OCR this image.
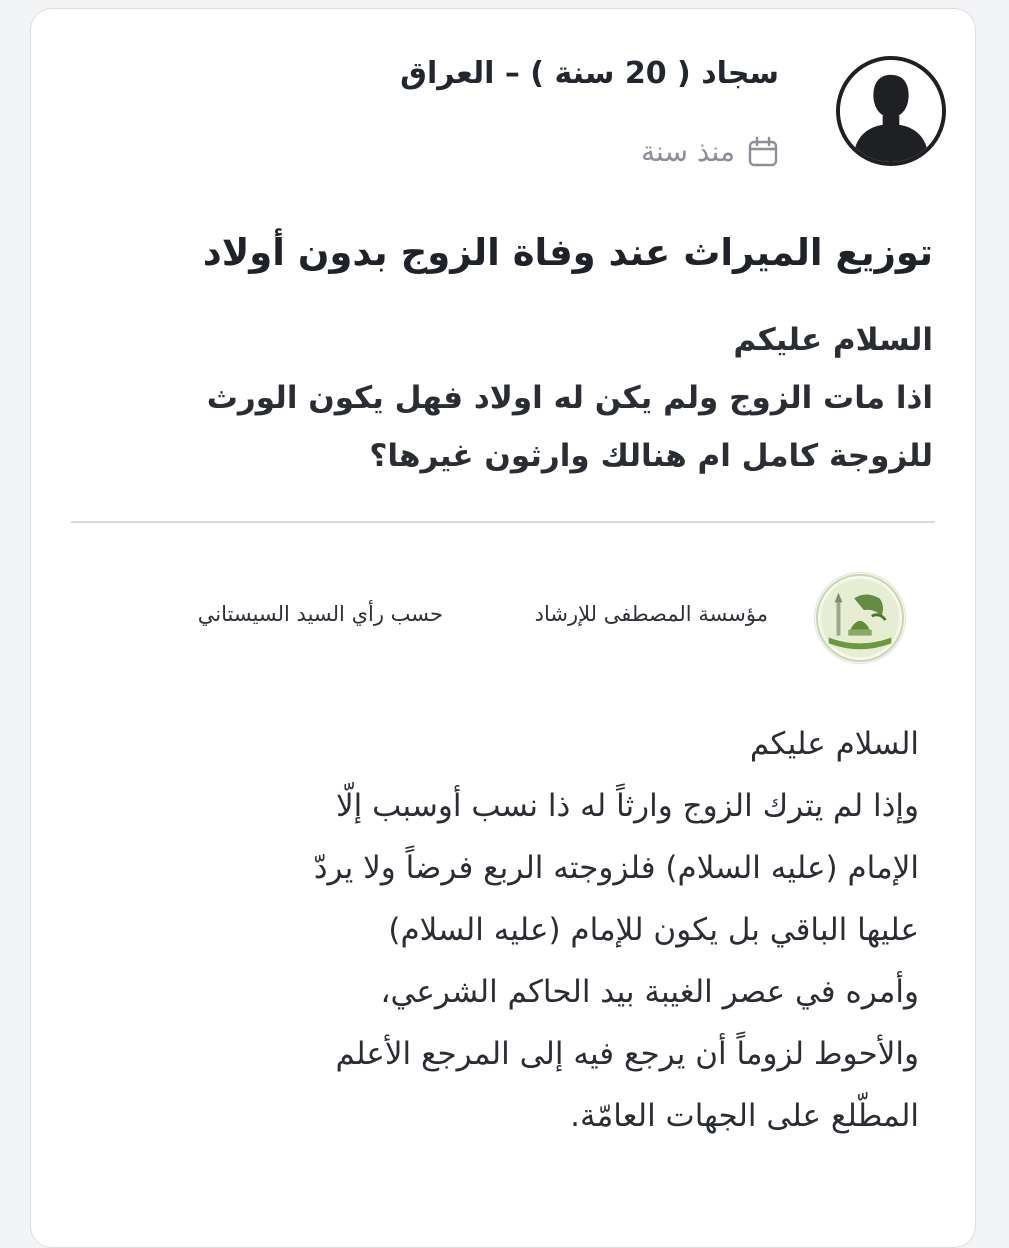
سجاد ( 20 سنة ) – العراق
منذ سنة
توزيع الميراث عند وفاة الزوج بدون أولاد
السلام عليكم
اذا مات الزوج ولم يكن له اولاد فهل يكون الورث
للزوجة كامل ام هنالك وارثون غيرها؟
مؤسسة المصطفى للإرشاد
حسب رأي السيد السيستاني
السلام عليكم
وإذا لم يترك الزوج وارثاً له ذا نسب أوسبب إلّا
الإمام (عليه السلام) فلزوجته الربع فرضاً ولا يردّ
عليها الباقي بل يكون للإمام (عليه السلام)
وأمره في عصر الغيبة بيد الحاكم الشرعي،
والأحوط لزوماً أن يرجع فيه إلى المرجع الأعلم
المطّلع على الجهات العامّة.
